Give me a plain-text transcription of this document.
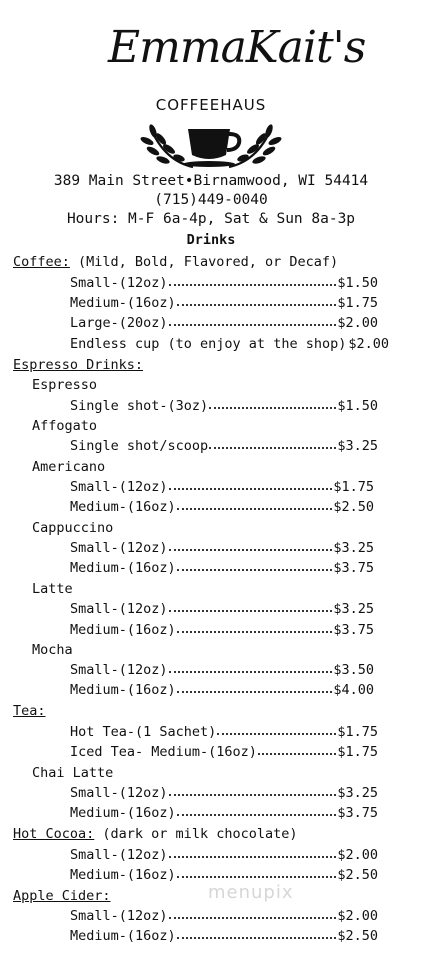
EmmaKait's
COFFEEHAUS
389 Main Street•Birnamwood, WI 54414
(715)449-0040
Hours: M-F 6a-4p, Sat & Sun 8a-3p
Drinks
Coffee: (Mild, Bold, Flavored, or Decaf)
Small-(12oz)	$1.50
Medium-(16oz)	$1.75
Large-(20oz)	$2.00
Endless cup (to enjoy at the shop) $2.00
Espresso Drinks:
Espresso
Single shot-(3oz)	$1.50
Affogato
Single shot/scoop	$3.25
Americano
Small-(12oz)	$1.75
Medium-(16oz)	$2.50
Cappuccino
Small-(12oz)	$3.25
Medium-(16oz)	$3.75
Latte
Small-(12oz)	$3.25
Medium-(16oz)	$3.75
Mocha
Small-(12oz)	$3.50
Medium-(16oz)	$4.00
Tea:
Hot Tea-(1 Sachet)	$1.75
Iced Tea- Medium-(16oz)	$1.75
Chai Latte
Small-(12oz)	$3.25
Medium-(16oz)	$3.75
Hot Cocoa: (dark or milk chocolate)
Small-(12oz)	$2.00
Medium-(16oz)	$2.50
Apple Cider:
Small-(12oz)	$2.00
Medium-(16oz)	$2.50
menupix
